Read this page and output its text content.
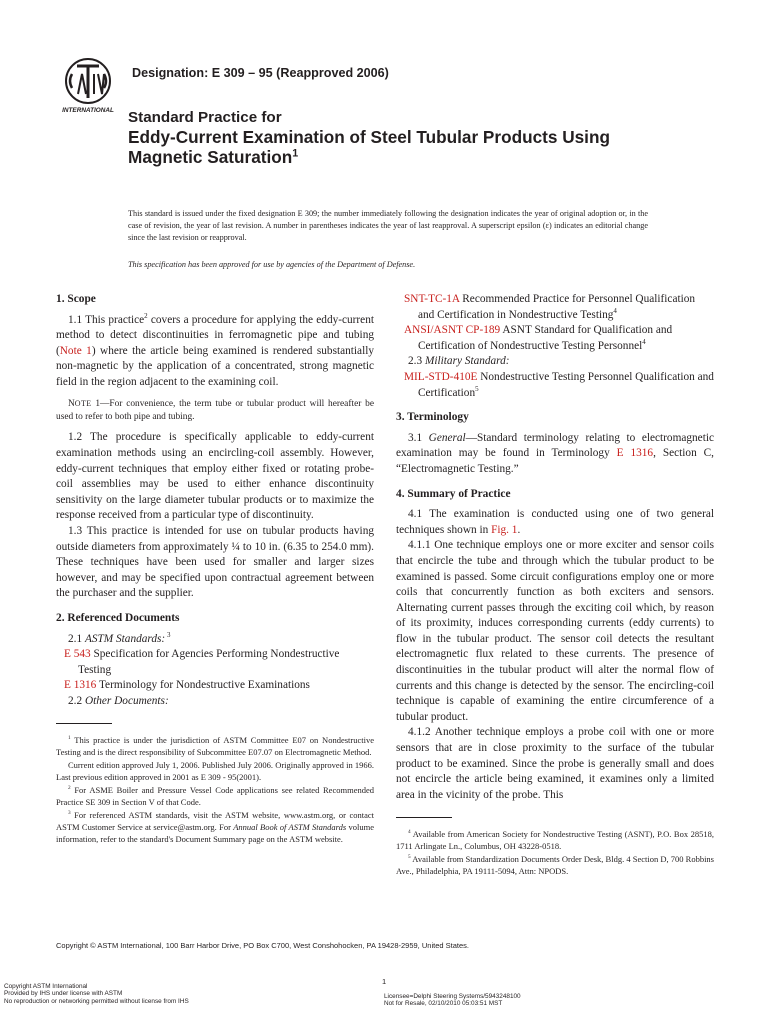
INTERNATIONAL
Designation: E 309 – 95 (Reapproved 2006)
Standard Practice for
Eddy-Current Examination of Steel Tubular Products Using
Magnetic Saturation$^1$
This standard is issued under the fixed designation E 309; the number immediately following the designation indicates the year of original adoption or, in the case of revision, the year of last revision. A number in parentheses indicates the year of last reapproval. A superscript epsilon (ε) indicates an editorial change since the last revision or reapproval.
This specification has been approved for use by agencies of the Department of Defense.

1. Scope

1.1 This practice$^2$ covers a procedure for applying the eddy-current method to detect discontinuities in ferromagnetic pipe and tubing (Note 1) where the article being examined is rendered substantially non-magnetic by the application of a concentrated, strong magnetic field in the region adjacent to the examining coil.

NOTE 1—For convenience, the term tube or tubular product will hereafter be used to refer to both pipe and tubing.

1.2 The procedure is specifically applicable to eddy-current examination methods using an encircling-coil assembly. However, eddy-current techniques that employ either fixed or rotating probe-coil assemblies may be used to either enhance discontinuity sensitivity on the large diameter tubular products or to maximize the response received from a particular type of discontinuity.

1.3 This practice is intended for use on tubular products having outside diameters from approximately ¼ to 10 in. (6.35 to 254.0 mm). These techniques have been used for smaller and larger sizes however, and may be specified upon contractual agreement between the purchaser and the supplier.

2. Referenced Documents

2.1 ASTM Standards: $^3$

E 543 Specification for Agencies Performing Nondestructive Testing

E 1316 Terminology for Nondestructive Examinations

2.2 Other Documents:

$^1$ This practice is under the jurisdiction of ASTM Committee E07 on Nondestructive Testing and is the direct responsibility of Subcommittee E07.07 on Electromagnetic Method.

Current edition approved July 1, 2006. Published July 2006. Originally approved in 1966. Last previous edition approved in 2001 as E 309 - 95(2001).

$^2$ For ASME Boiler and Pressure Vessel Code applications see related Recommended Practice SE 309 in Section V of that Code.

$^3$ For referenced ASTM standards, visit the ASTM website, www.astm.org, or contact ASTM Customer Service at service@astm.org. For Annual Book of ASTM Standards volume information, refer to the standard's Document Summary page on the ASTM website.

SNT-TC-1A Recommended Practice for Personnel Qualification and Certification in Nondestructive Testing$^4$

ANSI/ASNT CP-189 ASNT Standard for Qualification and Certification of Nondestructive Testing Personnel$^4$

2.3 Military Standard:

MIL-STD-410E Nondestructive Testing Personnel Qualification and Certification$^5$

3. Terminology

3.1 General—Standard terminology relating to electromagnetic examination may be found in Terminology E 1316, Section C, “Electromagnetic Testing.”

4. Summary of Practice

4.1 The examination is conducted using one of two general techniques shown in Fig. 1.

4.1.1 One technique employs one or more exciter and sensor coils that encircle the tube and through which the tubular product to be examined is passed. Some circuit configurations employ one or more coils that concurrently function as both exciters and sensors. Alternating current passes through the exciting coil which, by reason of its proximity, induces corresponding currents (eddy currents) to flow in the tubular product. The sensor coil detects the resultant electromagnetic flux related to these currents. The presence of discontinuities in the tubular product will alter the normal flow of currents and this change is detected by the sensor. The encircling-coil technique is capable of examining the entire circumference of a tubular product.

4.1.2 Another technique employs a probe coil with one or more sensors that are in close proximity to the surface of the tubular product to be examined. Since the probe is generally small and does not encircle the article being examined, it examines only a limited area in the vicinity of the probe. This

$^4$ Available from American Society for Nondestructive Testing (ASNT), P.O. Box 28518, 1711 Arlingate Ln., Columbus, OH 43228-0518.

$^5$ Available from Standardization Documents Order Desk, Bldg. 4 Section D, 700 Robbins Ave., Philadelphia, PA 19111-5094, Attn: NPODS.

Copyright © ASTM International, 100 Barr Harbor Drive, PO Box C700, West Conshohocken, PA 19428-2959, United States.
1
Copyright ASTM International
Provided by IHS under license with ASTM
No reproduction or networking permitted without license from IHS
Licensee=Delphi Steering Systems/5943248100
Not for Resale, 02/10/2010 05:03:51 MST
